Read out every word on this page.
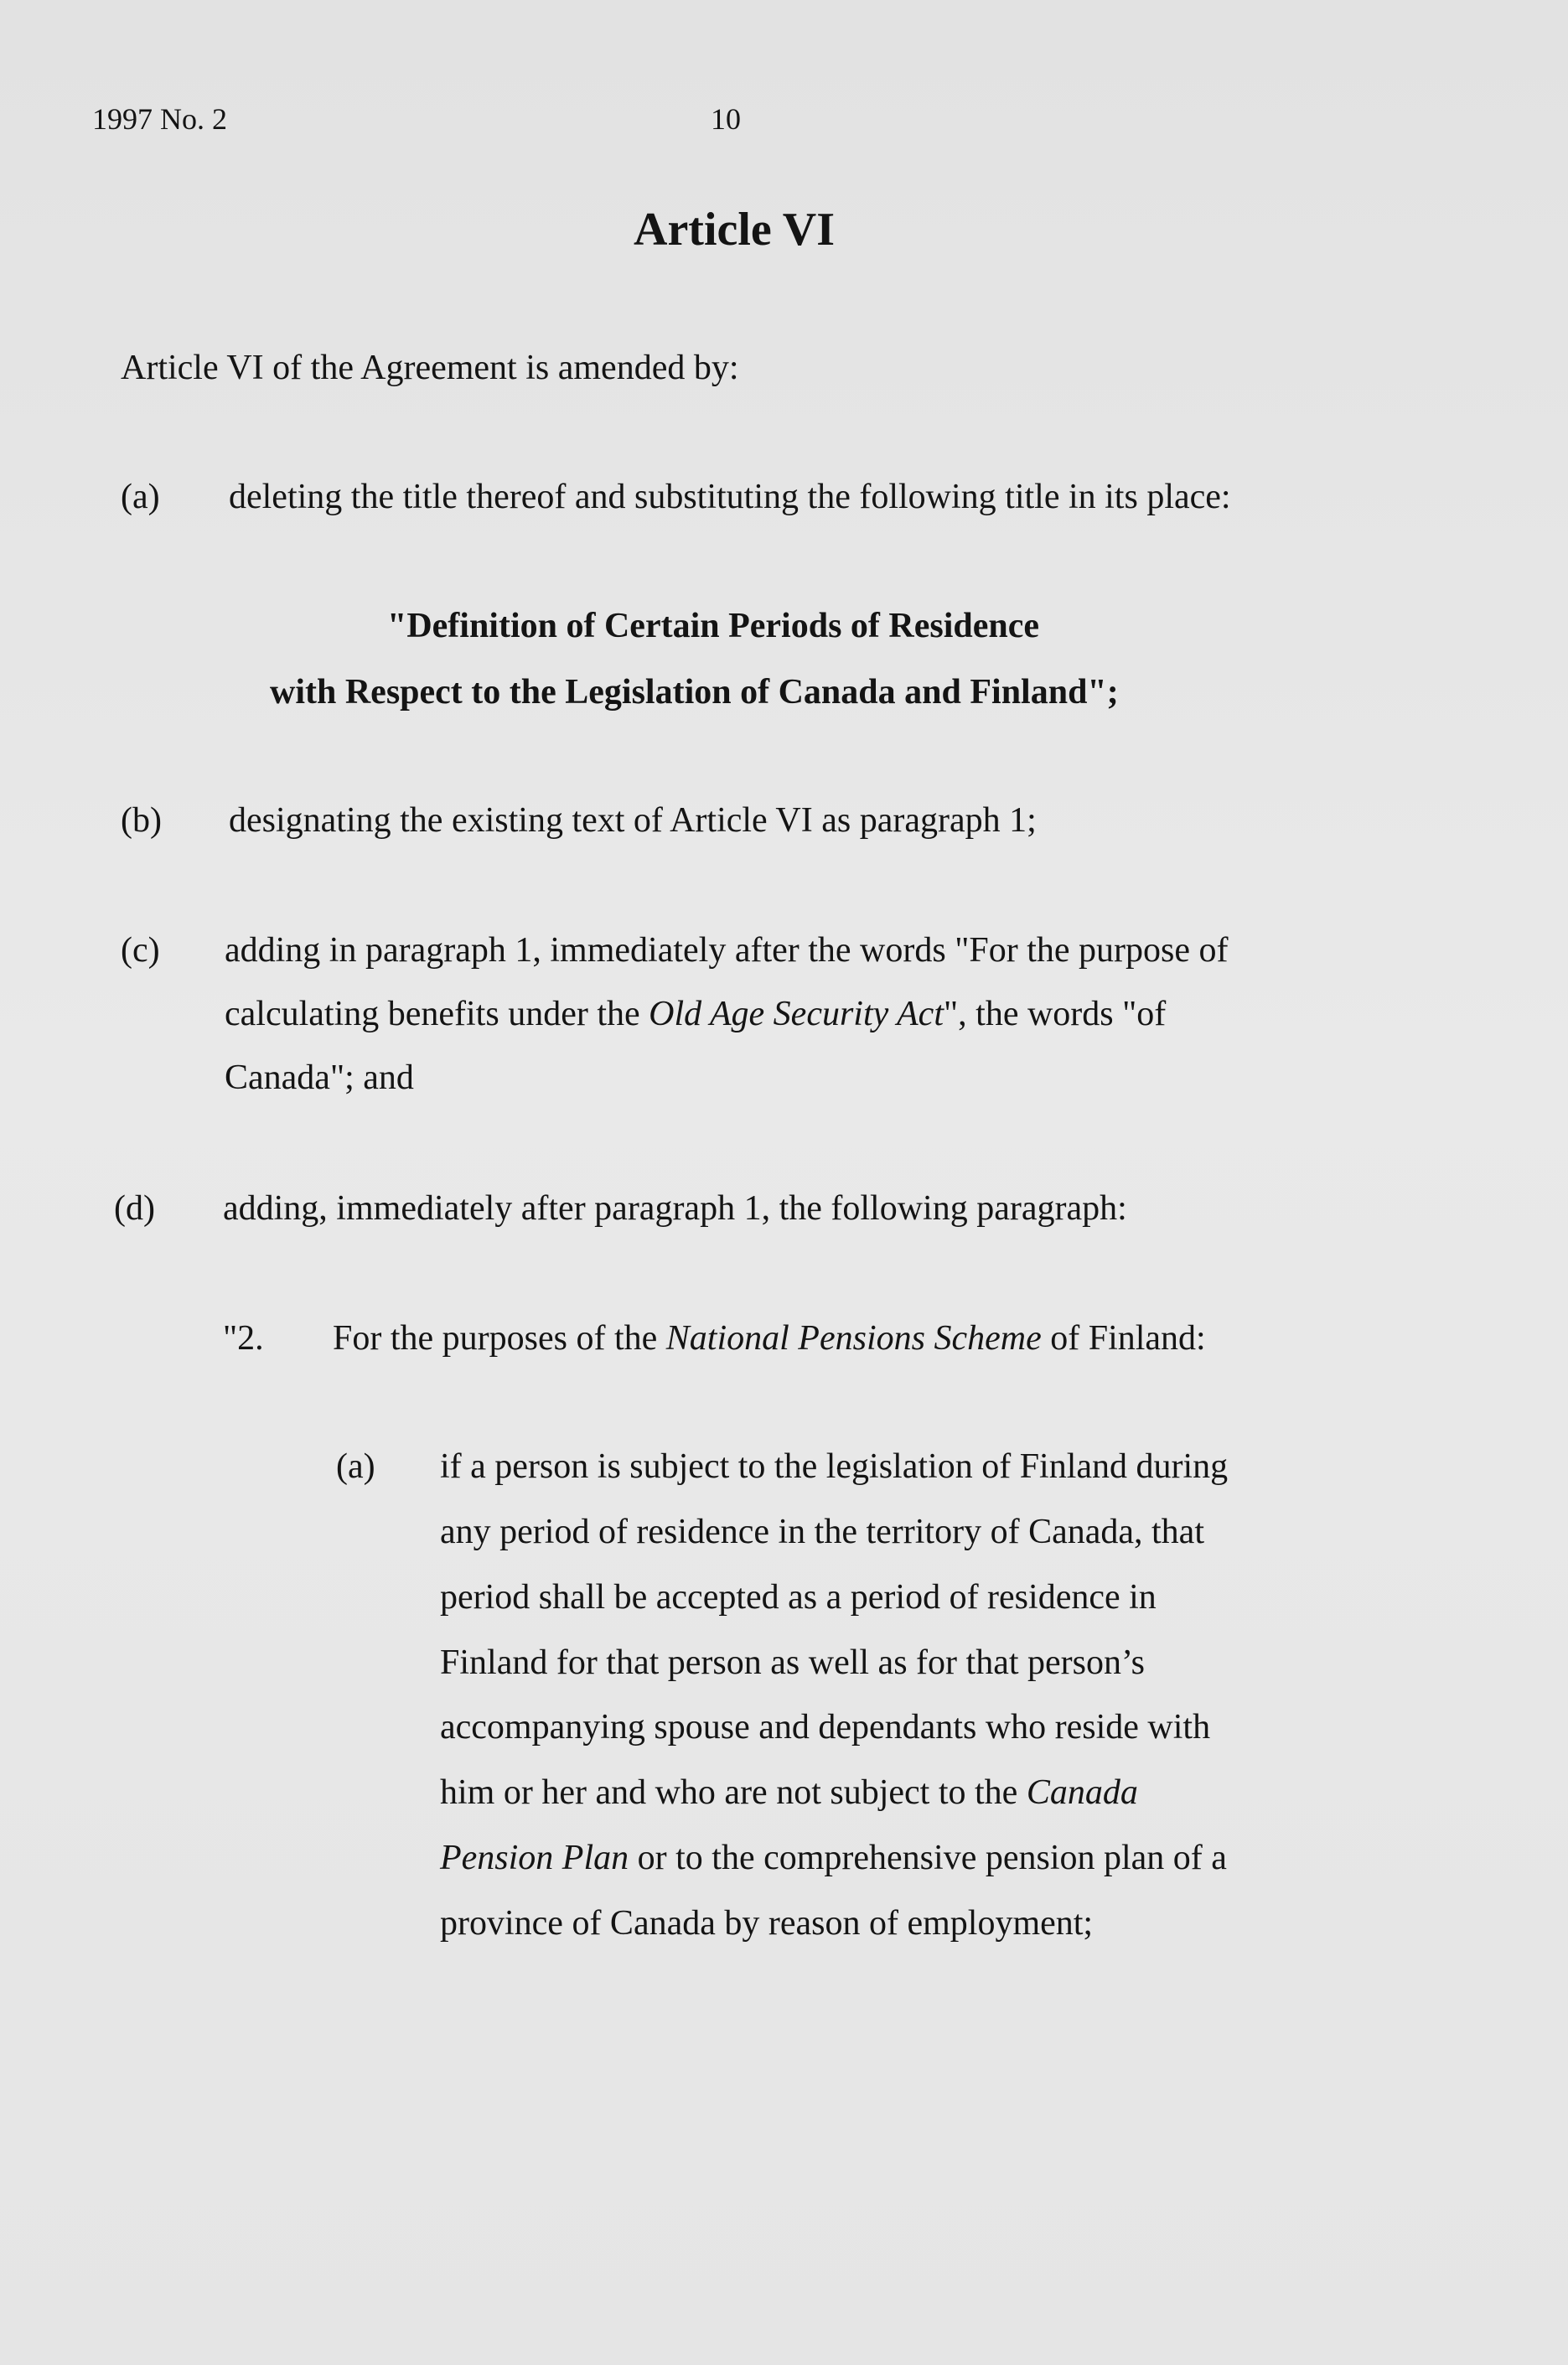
1997 No. 2	10
Article VI
Article VI of the Agreement is amended by:
(a) deleting the title thereof and substituting the following title in its place:
"Definition of Certain Periods of Residence
with Respect to the Legislation of Canada and Finland";
(b) designating the existing text of Article VI as paragraph 1;
(c) adding in paragraph 1, immediately after the words "For the purpose of
calculating benefits under the Old Age Security Act", the words "of
Canada"; and
(d) adding, immediately after paragraph 1, the following paragraph:
"2. For the purposes of the National Pensions Scheme of Finland:
(a) if a person is subject to the legislation of Finland during
any period of residence in the territory of Canada, that
period shall be accepted as a period of residence in
Finland for that person as well as for that person’s
accompanying spouse and dependants who reside with
him or her and who are not subject to the Canada
Pension Plan or to the comprehensive pension plan of a
province of Canada by reason of employment;
